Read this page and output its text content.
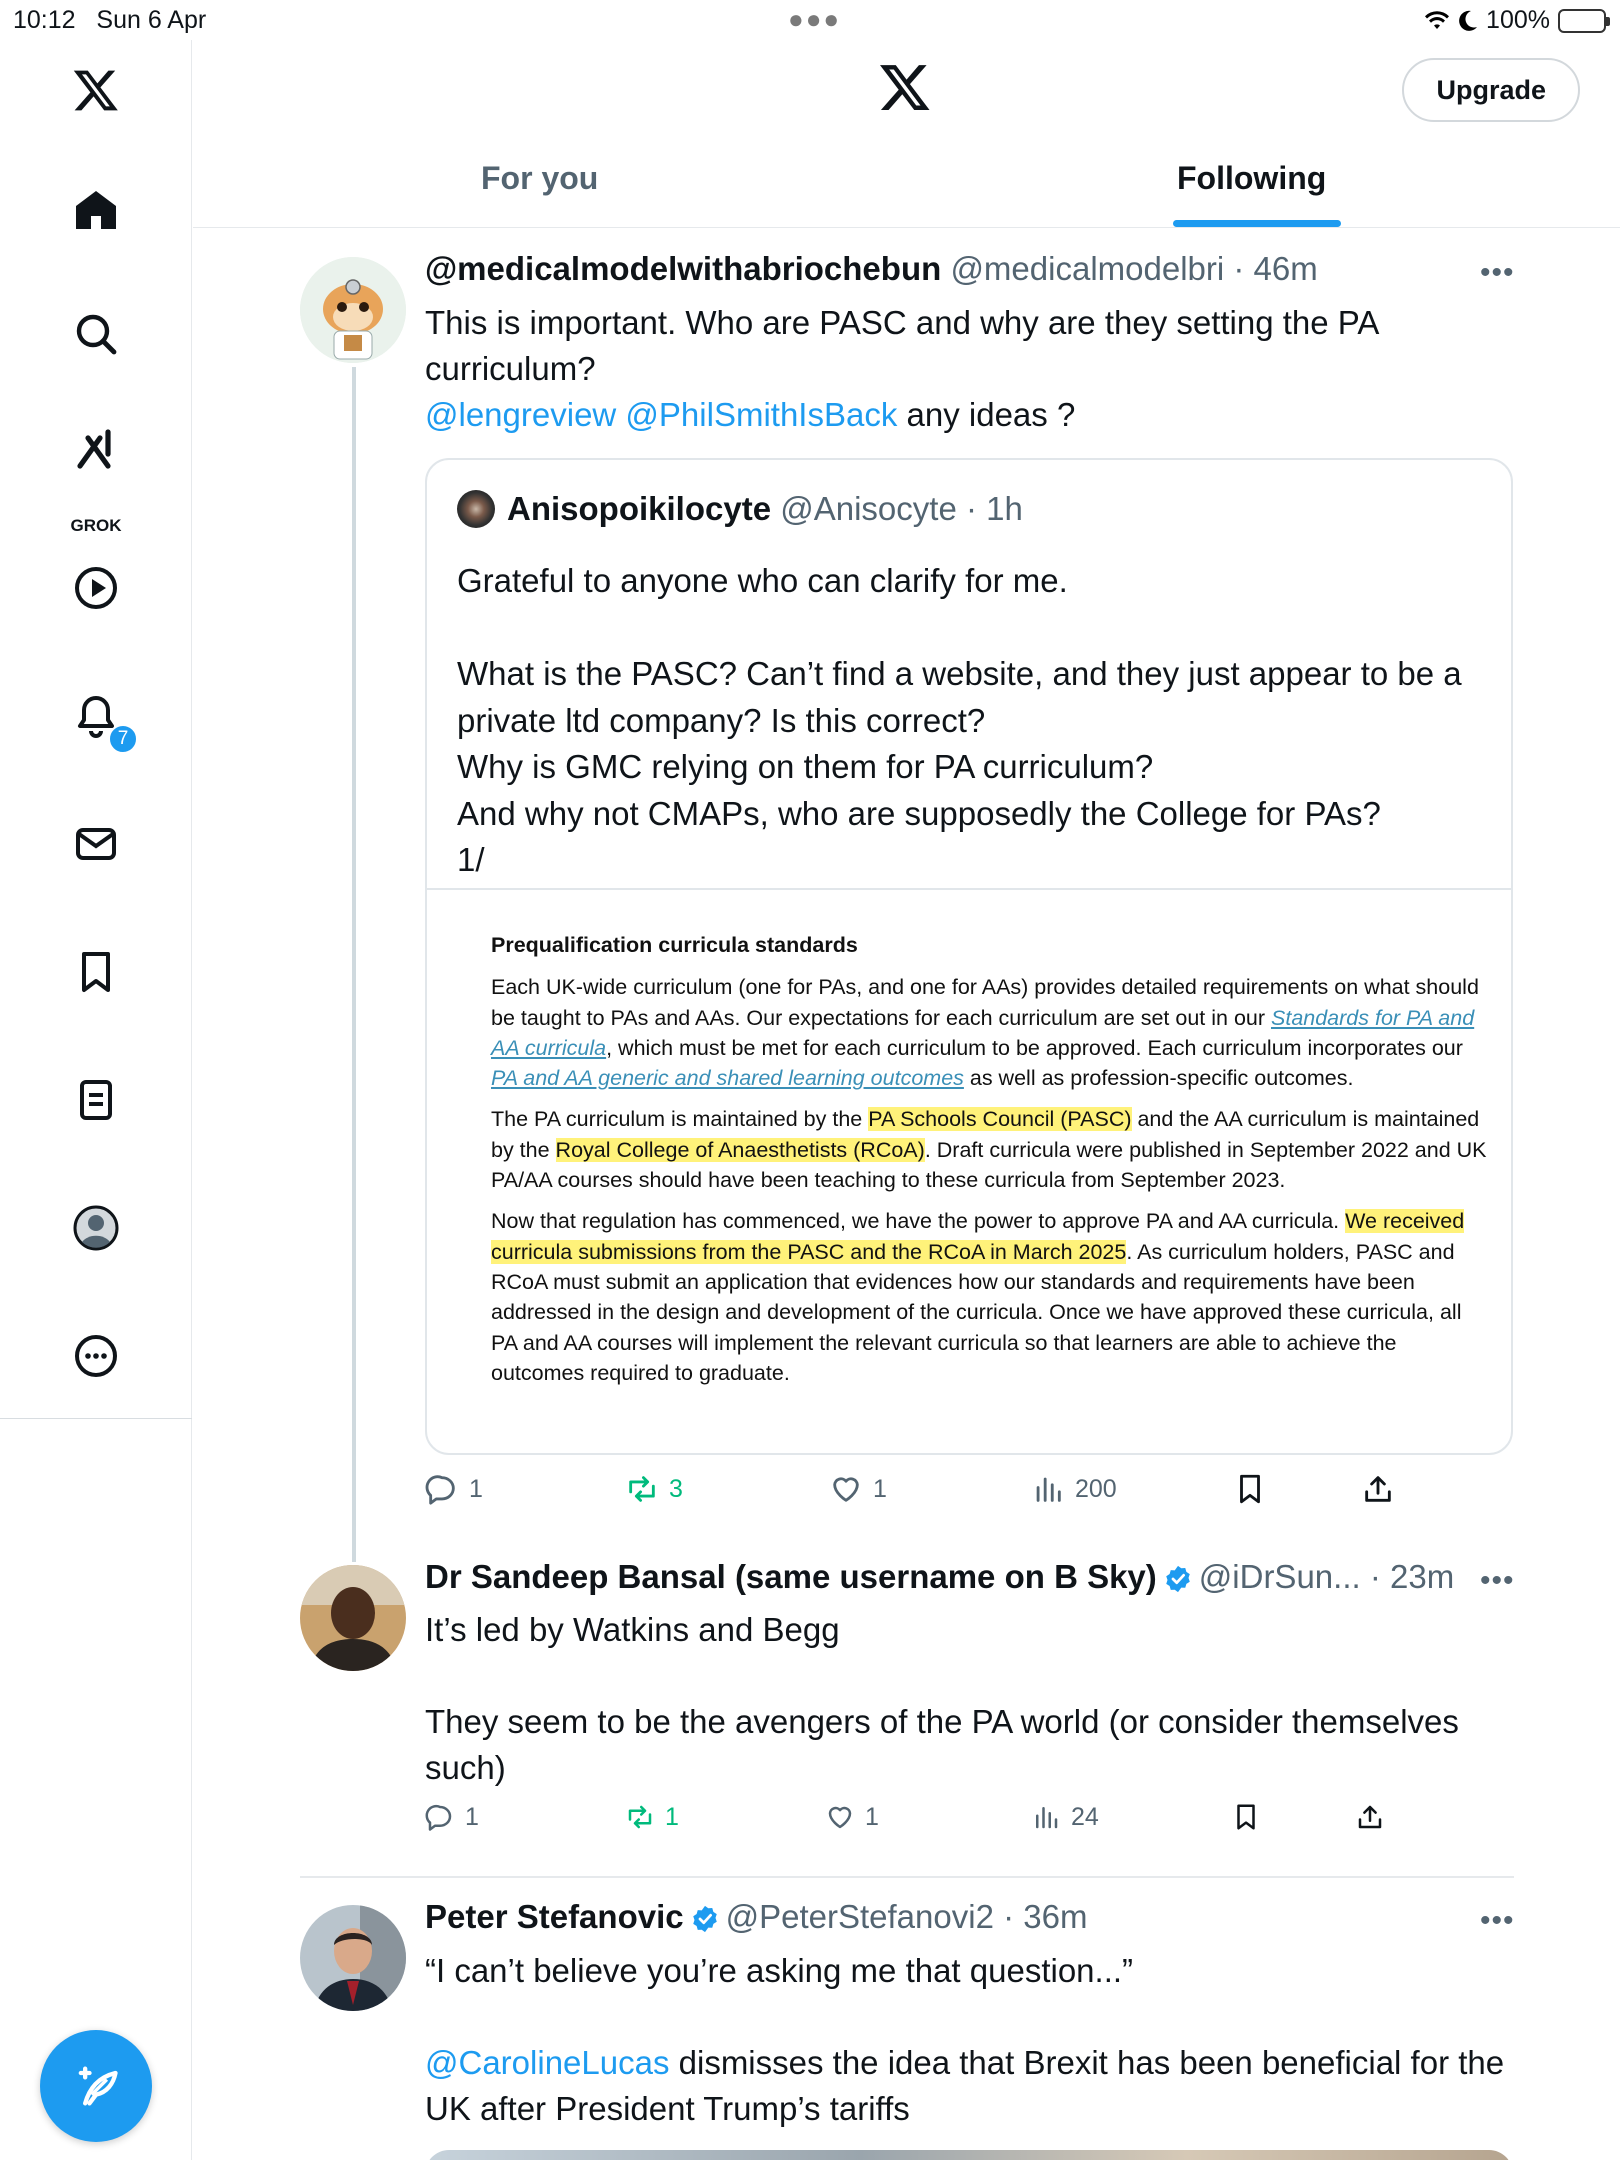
10:12 Sun 6 Apr	●●●	100%
GROK
7
Upgrade
For you	Following
@medicalmodelwithabriochebun @medicalmodelbri · 46m	•••
This is important. Who are PASC and why are they setting the PA curriculum?
@lengreview @PhilSmithIsBack any ideas ?
Anisopoikilocyte
@Anisocyte · 1h
Grateful to anyone who can clarify for me.

What is the PASC? Can’t find a website, and they just appear to be a private ltd company? Is this correct?
Why is GMC relying on them for PA curriculum?
And why not CMAPs, who are supposedly the College for PAs?
1/
Prequalification curricula standards

Each UK-wide curriculum (one for PAs, and one for AAs) provides detailed requirements on what should be taught to PAs and AAs. Our expectations for each curriculum are set out in our Standards for PA and AA curricula, which must be met for each curriculum to be approved. Each curriculum incorporates our PA and AA generic and shared learning outcomes as well as profession-specific outcomes.

The PA curriculum is maintained by the PA Schools Council (PASC) and the AA curriculum is maintained by the Royal College of Anaesthetists (RCoA). Draft curricula were published in September 2022 and UK PA/AA courses should have been teaching to these curricula from September 2023.

Now that regulation has commenced, we have the power to approve PA and AA curricula. We received curricula submissions from the PASC and the RCoA in March 2025. As curriculum holders, PASC and RCoA must submit an application that evidences how our standards and requirements have been addressed in the design and development of the curricula. Once we have approved these curricula, all PA and AA courses will implement the relevant curricula so that learners are able to achieve the outcomes required to graduate.

1	3	1	200
Dr Sandeep Bansal (same username on B Sky) @iDrSun... · 23m •••
It’s led by Watkins and Begg

They seem to be the avengers of the PA world (or consider themselves such)
1	1	1	24
Peter Stefanovic @PeterStefanovi2 · 36m	•••
“I can’t believe you’re asking me that question...”

@CarolineLucas dismisses the idea that Brexit has been beneficial for the UK after President Trump’s tariffs
